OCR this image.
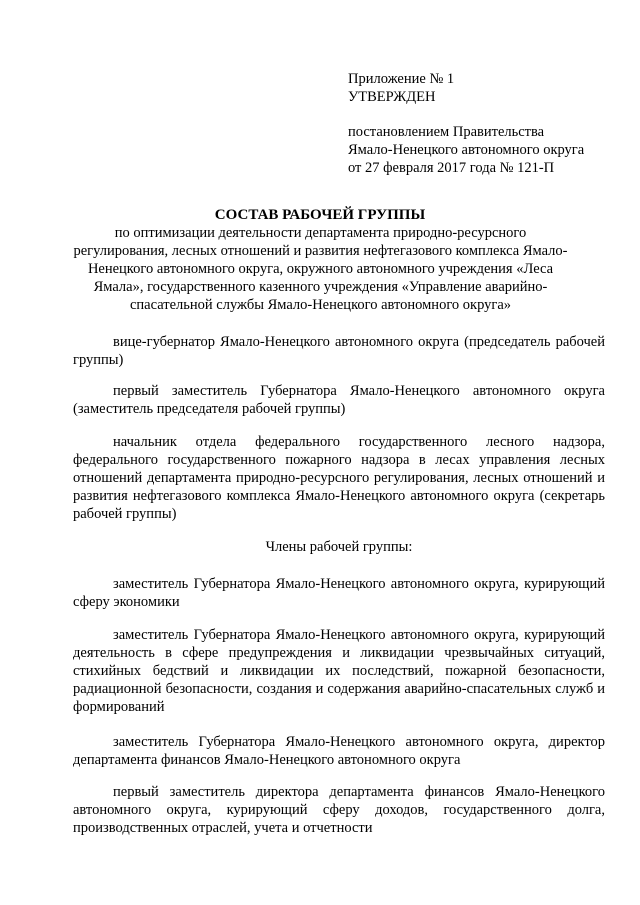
Приложение № 1
УТВЕРЖДЕН
постановлением Правительства
Ямало-Ненецкого автономного округа
от 27 февраля 2017 года № 121-П
СОСТАВ РАБОЧЕЙ ГРУППЫ
по оптимизации деятельности департамента природно-ресурсного регулирования, лесных отношений и развития нефтегазового комплекса Ямало-Ненецкого автономного округа, окружного автономного учреждения «Леса Ямала», государственного казенного учреждения «Управление аварийно-спасательной службы Ямало-Ненецкого автономного округа»
вице-губернатор Ямало-Ненецкого автономного округа (председатель рабочей группы)
первый заместитель Губернатора Ямало-Ненецкого автономного округа (заместитель председателя рабочей группы)
начальник отдела федерального государственного лесного надзора, федерального государственного пожарного надзора в лесах управления лесных отношений департамента природно-ресурсного регулирования, лесных отношений и развития нефтегазового комплекса Ямало-Ненецкого автономного округа (секретарь рабочей группы)
Члены рабочей группы:
заместитель Губернатора Ямало-Ненецкого автономного округа, курирующий сферу экономики
заместитель Губернатора Ямало-Ненецкого автономного округа, курирующий деятельность в сфере предупреждения и ликвидации чрезвычайных ситуаций, стихийных бедствий и ликвидации их последствий, пожарной безопасности, радиационной безопасности, создания и содержания аварийно-спасательных служб и формирований
заместитель Губернатора Ямало-Ненецкого автономного округа, директор департамента финансов Ямало-Ненецкого автономного округа
первый заместитель директора департамента финансов Ямало-Ненецкого автономного округа, курирующий сферу доходов, государственного долга, производственных отраслей, учета и отчетности
